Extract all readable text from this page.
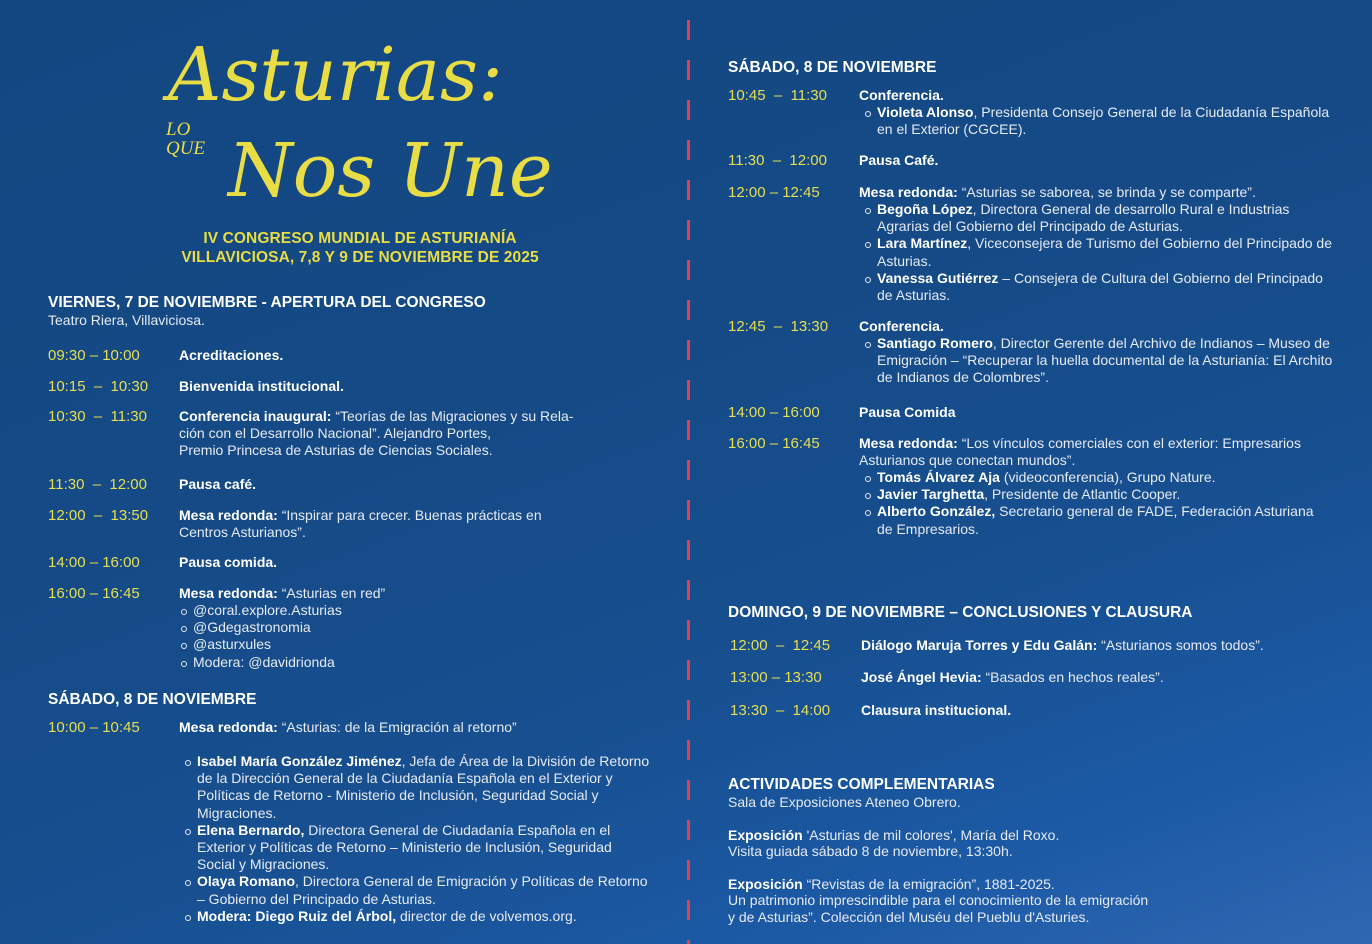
Asturias:
LO
QUE Nos Une
IV CONGRESO MUNDIAL DE ASTURIANÍA
VILLAVICIOSA, 7,8 Y 9 DE NOVIEMBRE DE 2025
VIERNES, 7 DE NOVIEMBRE - APERTURA DEL CONGRESO
Teatro Riera, Villaviciosa.
09:30 – 10:00	Acreditaciones.
10:15  –  10:30	Bienvenida institucional.
10:30  –  11:30	Conferencia inaugural: “Teorías de las Migraciones y su Rela-
ción con el Desarrollo Nacional”. Alejandro Portes,
Premio Princesa de Asturias de Ciencias Sociales.
11:30  –  12:00	Pausa café.
12:00  –  13:50	Mesa redonda: “Inspirar para crecer. Buenas prácticas en
Centros Asturianos”.
14:00 – 16:00	Pausa comida.
16:00 – 16:45	Mesa redonda: “Asturias en red”
@coral.explore.Asturias
@Gdegastronomia
@asturxules
Modera: @davidrionda
SÁBADO, 8 DE NOVIEMBRE
10:00 – 10:45	Mesa redonda: “Asturias: de la Emigración al retorno”
Isabel María González Jiménez, Jefa de Área de la División de Retorno de la Dirección General de la Ciudadanía Española en el Exterior y Políticas de Retorno - Ministerio de Inclusión, Seguridad Social y Migraciones.
Elena Bernardo, Directora General de Ciudadanía Española en el Exterior y Políticas de Retorno – Ministerio de Inclusión, Seguridad Social y Migraciones.
Olaya Romano, Directora General de Emigración y Políticas de Retorno – Gobierno del Principado de Asturias.
Modera: Diego Ruiz del Árbol, director de de volvemos.org.
SÁBADO, 8 DE NOVIEMBRE
10:45  –  11:30	Conferencia.
Violeta Alonso, Presidenta Consejo General de la Ciudadanía Española en el Exterior (CGCEE).
11:30  –  12:00	Pausa Café.
12:00 – 12:45	Mesa redonda: “Asturias se saborea, se brinda y se comparte”.
Begoña López, Directora General de desarrollo Rural e Industrias Agrarias del Gobierno del Principado de Asturias.
Lara Martínez, Viceconsejera de Turismo del Gobierno del Principado de Asturias.
Vanessa Gutiérrez – Consejera de Cultura del Gobierno del Principado de Asturias.
12:45  –  13:30	Conferencia.
Santiago Romero, Director Gerente del Archivo de Indianos – Museo de Emigración – “Recuperar la huella documental de la Asturianía: El Archito de Indianos de Colombres”.
14:00 – 16:00	Pausa Comida
16:00 – 16:45	Mesa redonda: “Los vínculos comerciales con el exterior: Empresarios Asturianos que conectan mundos”.
Tomás Álvarez Aja (videoconferencia), Grupo Nature.
Javier Targhetta, Presidente de Atlantic Cooper.
Alberto González, Secretario general de FADE, Federación Asturiana de Empresarios.
DOMINGO, 9 DE NOVIEMBRE – CONCLUSIONES Y CLAUSURA
12:00  –  12:45	Diálogo Maruja Torres y Edu Galán: “Asturianos somos todos”.
13:00 – 13:30	José Ángel Hevia: “Basados en hechos reales”.
13:30  –  14:00	Clausura institucional.
ACTIVIDADES COMPLEMENTARIAS
Sala de Exposiciones Ateneo Obrero.
Exposición 'Asturias de mil colores', María del Roxo.
Visita guiada sábado 8 de noviembre, 13:30h.
Exposición “Revistas de la emigración”, 1881-2025.
Un patrimonio imprescindible para el conocimiento de la emigración
y de Asturias”. Colección del Muséu del Pueblu d'Asturies.
